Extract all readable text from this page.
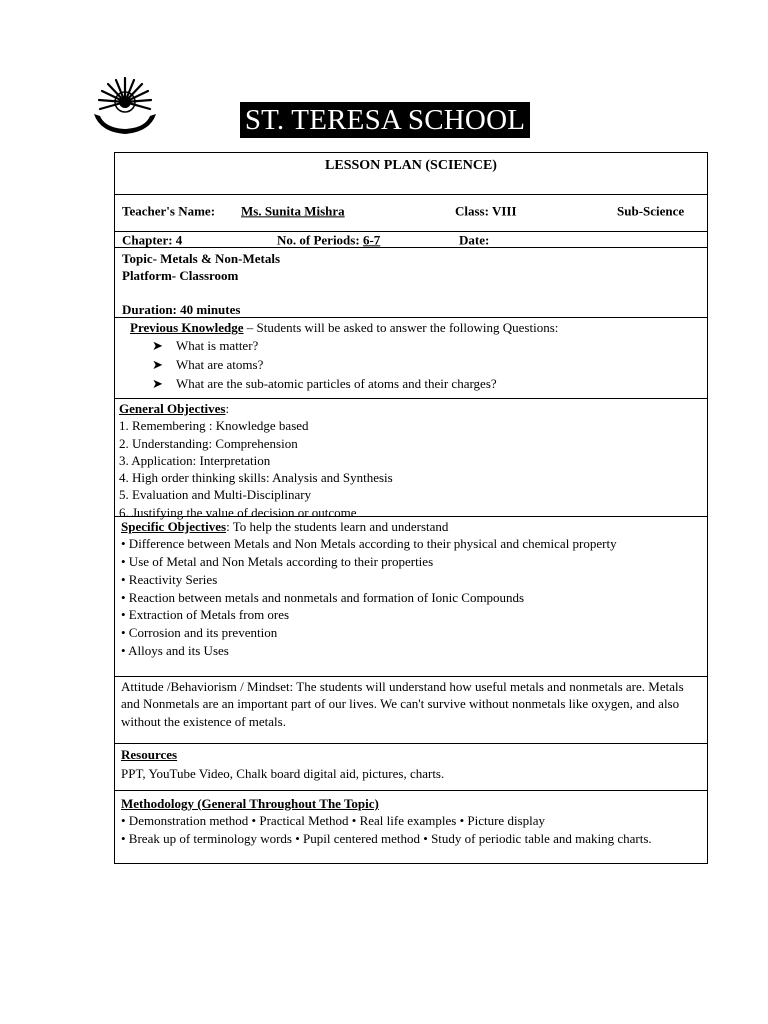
ST. TERESA SCHOOL
LESSON PLAN (SCIENCE)
Teacher's Name: Ms. Sunita Mishra	Class: VIII	Sub-Science
Chapter: 4	No. of Periods: 6-7	Date:
Topic- Metals & Non-Metals
Platform- Classroom
Duration: 40 minutes
Previous Knowledge – Students will be asked to answer the following Questions:
➤ What is matter?
➤ What are atoms?
➤ What are the sub-atomic particles of atoms and their charges?
General Objectives:
1. Remembering : Knowledge based
2. Understanding: Comprehension
3. Application: Interpretation
4. High order thinking skills: Analysis and Synthesis
5. Evaluation and Multi-Disciplinary
6. Justifying the value of decision or outcome
Specific Objectives: To help the students learn and understand
• Difference between Metals and Non Metals according to their physical and chemical property
• Use of Metal and Non Metals according to their properties
• Reactivity Series
• Reaction between metals and nonmetals and formation of Ionic Compounds
• Extraction of Metals from ores
• Corrosion and its prevention
• Alloys and its Uses
Attitude /Behaviorism / Mindset: The students will understand how useful metals and nonmetals are. Metals and Nonmetals are an important part of our lives. We can't survive without nonmetals like oxygen, and also without the existence of metals.
Resources
PPT, YouTube Video, Chalk board digital aid, pictures, charts.
Methodology (General Throughout The Topic)
• Demonstration method • Practical Method • Real life examples • Picture display
• Break up of terminology words • Pupil centered method • Study of periodic table and making charts.
